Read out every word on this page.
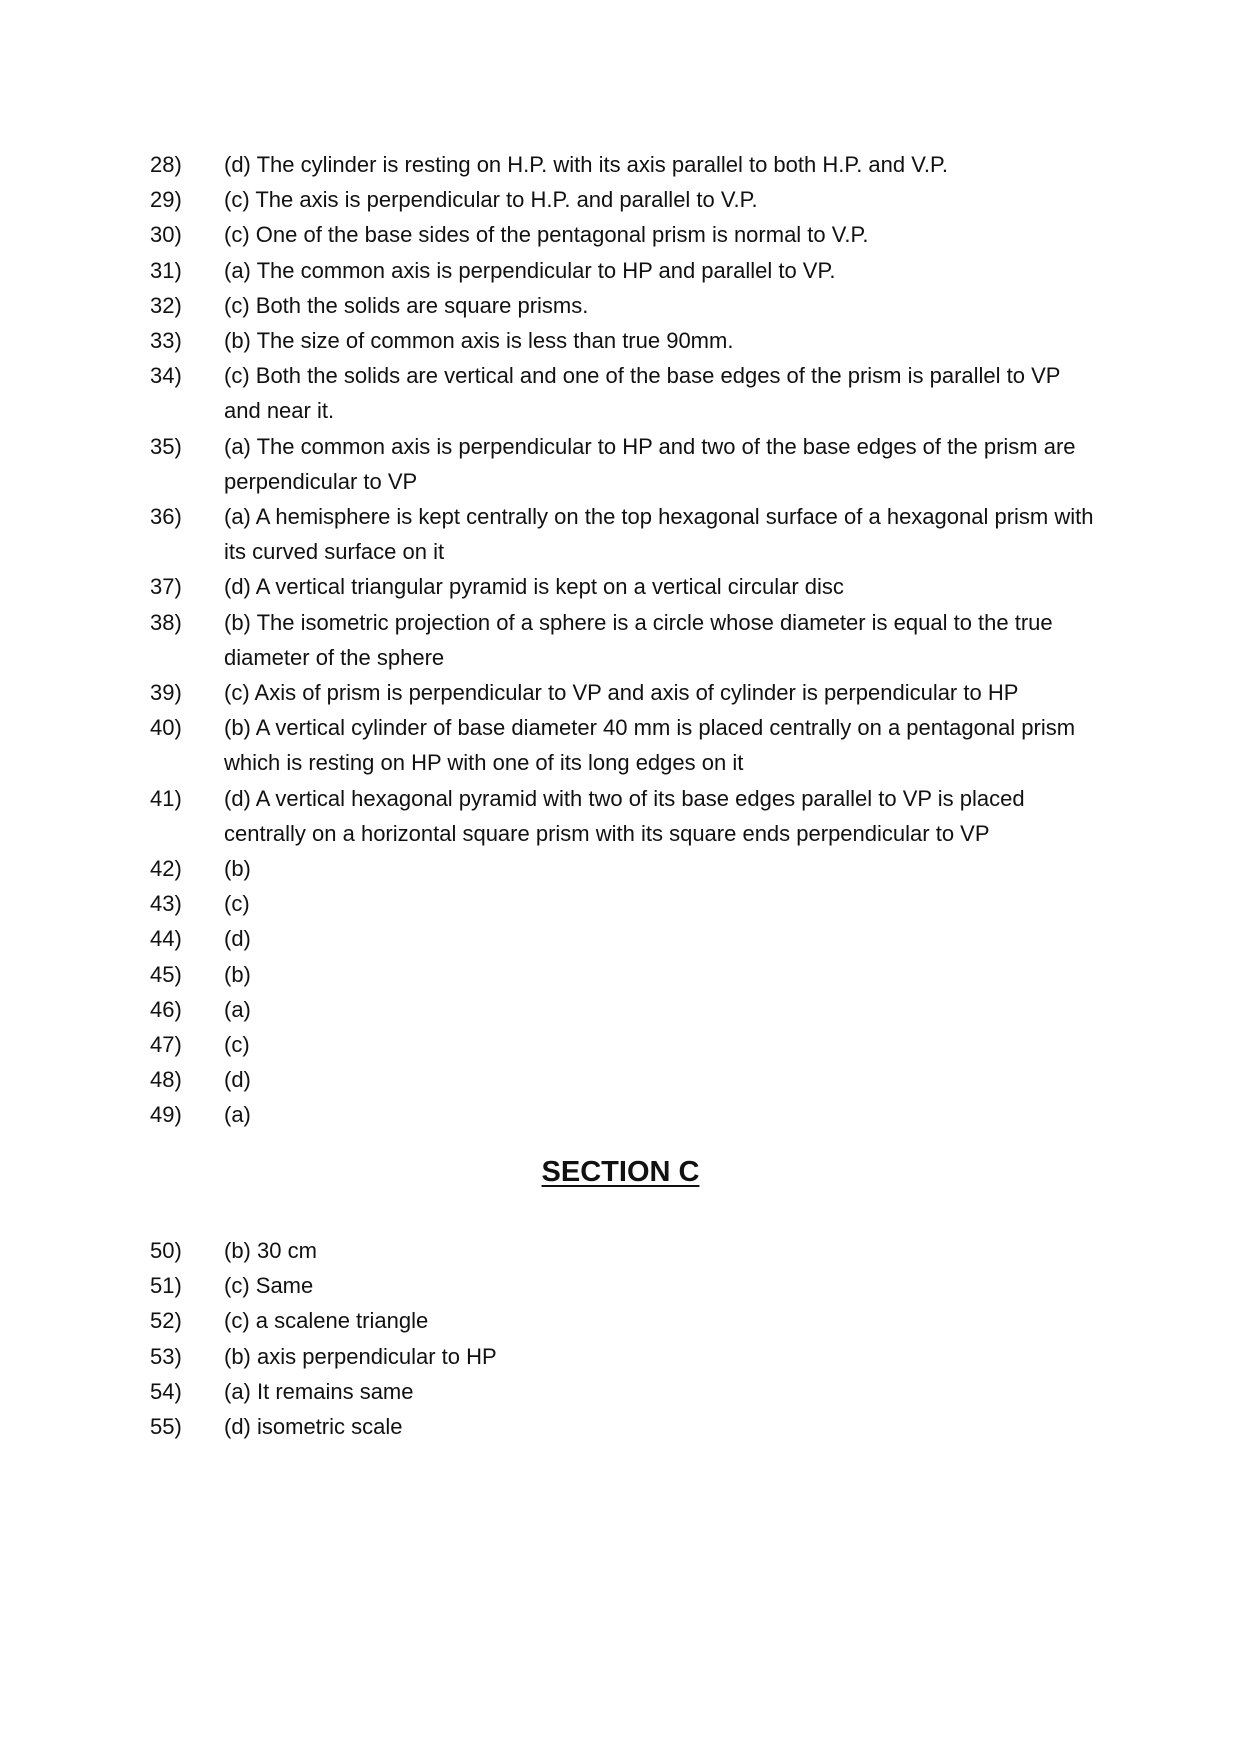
28)	(d) The cylinder is resting on H.P. with its axis parallel to both H.P. and V.P.
29)	(c) The axis is perpendicular to H.P. and parallel to V.P.
30)	(c) One of the base sides of the pentagonal prism is normal to V.P.
31)	(a) The common axis is perpendicular to HP and parallel to VP.
32)	(c) Both the solids are square prisms.
33)	(b) The size of common axis is less than true 90mm.
34)	(c) Both the solids are vertical and one of the base edges of the prism is parallel to VP and near it.
35)	(a) The common axis is perpendicular to HP and two of the base edges of the prism are perpendicular to VP
36)	(a) A hemisphere is kept centrally on the top hexagonal surface of a hexagonal prism with its curved surface on it
37)	(d) A vertical triangular pyramid is kept on a vertical circular disc
38)	(b) The isometric projection of a sphere is a circle whose diameter is equal to the true diameter of the sphere
39)	(c) Axis of prism is perpendicular to VP and axis of cylinder is perpendicular to HP
40)	(b) A vertical cylinder of base diameter 40 mm is placed centrally on a pentagonal prism which is resting on HP with one of its long edges on it
41)	(d) A vertical hexagonal pyramid with two of its base edges parallel to VP is placed centrally on a horizontal square prism with its square ends perpendicular to VP
42)	(b)
43)	(c)
44)	(d)
45)	(b)
46)	(a)
47)	(c)
48)	(d)
49)	(a)
SECTION C
50)	(b) 30 cm
51)	(c) Same
52)	(c) a scalene triangle
53)	(b) axis perpendicular to HP
54)	(a) It remains same
55)	(d) isometric scale
